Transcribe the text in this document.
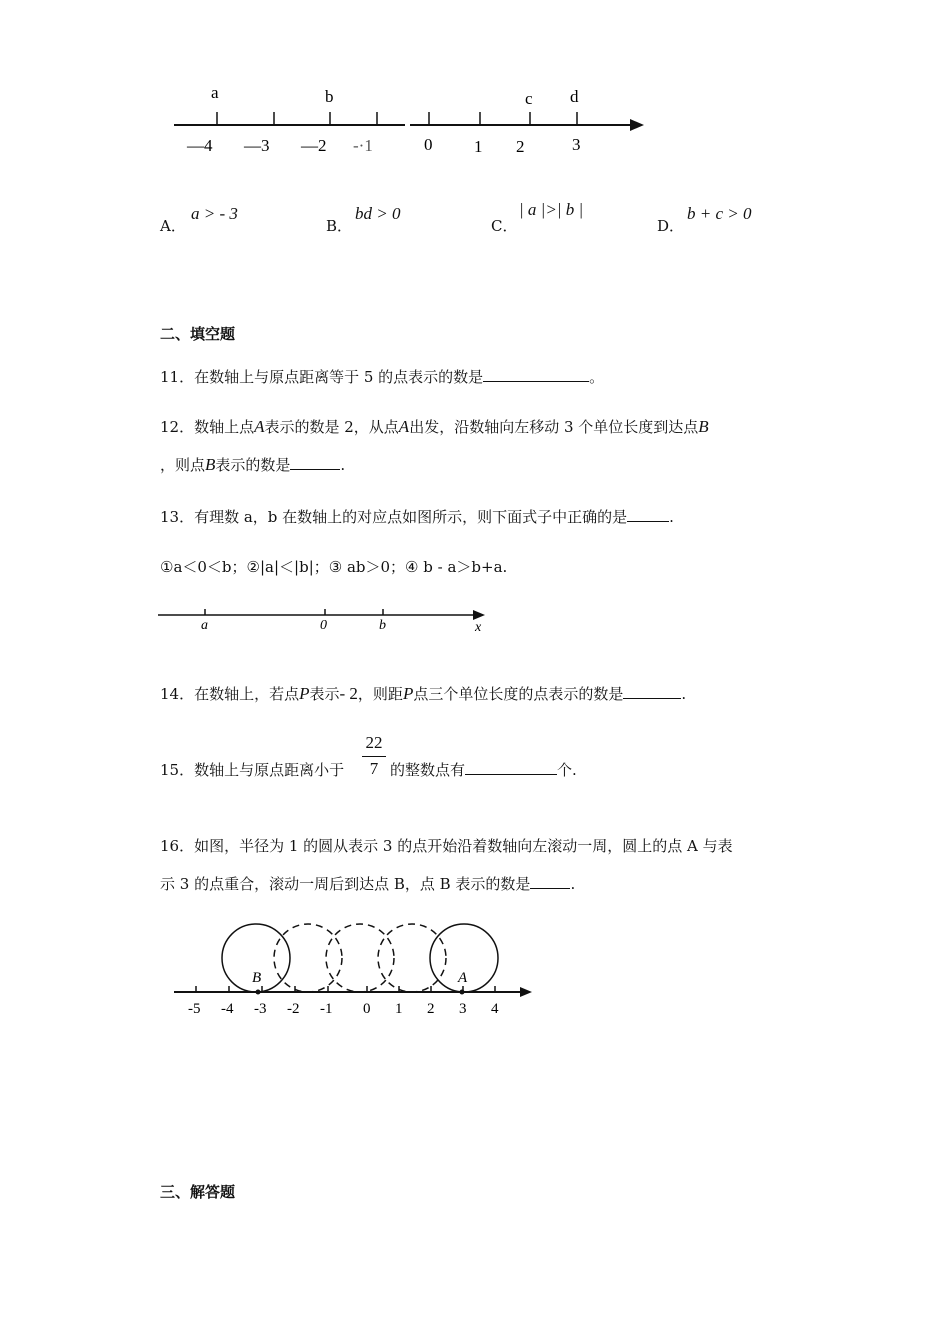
a	b	c d
—4 —3 —2 -·1	0 1 2	3
A．
a > - 3
B．
bd > 0
C．
| a |>| b |
D．
b + c > 0
二、填空题
11．在数轴上与原点距离等于 5 的点表示的数是	。
12．数轴上点A表示的数是 2，从点A出发，沿数轴向左移动 3 个单位长度到达点B
，则点B表示的数是	.
13．有理数 a，b 在数轴上的对应点如图所示，则下面式子中正确的是	.
①a＜0＜b；②|a|＜|b|；③ ab＞0；④ b - a＞b+a.
a	0	b	x
14．在数轴上，若点P表示- 2，则距P点三个单位长度的点表示的数是	.
15．数轴上与原点距离小于
22
7 的整数点有	个.
16．如图，半径为 1 的圆从表示 3 的点开始沿着数轴向左滚动一周，圆上的点 A 与表
示 3 的点重合，滚动一周后到达点 B，点 B 表示的数是	.
B	A
-5 -4 -3 -2 -1 0 1 2 3 4
三、解答题
